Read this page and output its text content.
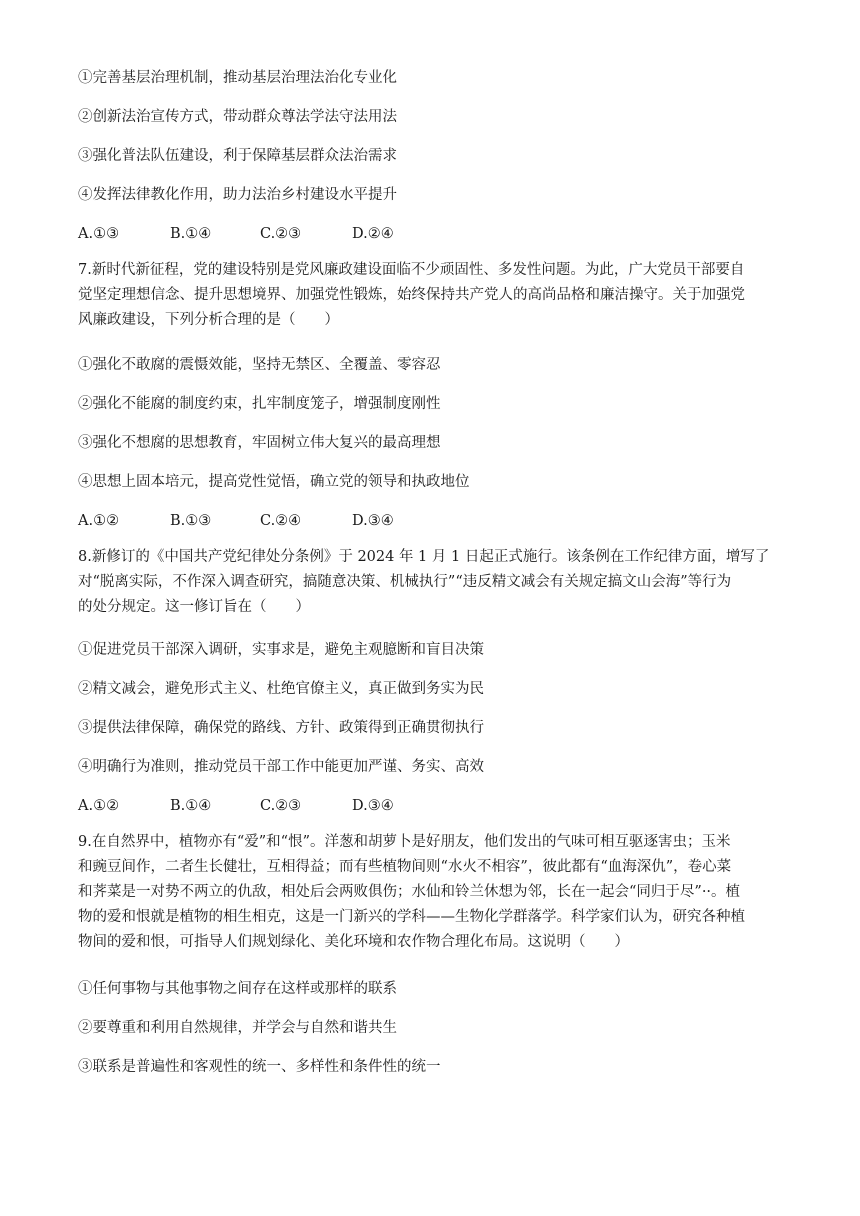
①完善基层治理机制，推动基层治理法治化专业化
②创新法治宣传方式，带动群众尊法学法守法用法
③强化普法队伍建设，利于保障基层群众法治需求
④发挥法律教化作用，助力法治乡村建设水平提升
A.①③	B.①④	C.②③	D.②④
7.新时代新征程，党的建设特别是党风廉政建设面临不少顽固性、多发性问题。为此，广大党员干部要自
觉坚定理想信念、提升思想境界、加强党性锻炼，始终保持共产党人的高尚品格和廉洁操守。关于加强党
风廉政建设，下列分析合理的是（　　）
①强化不敢腐的震慑效能，坚持无禁区、全覆盖、零容忍
②强化不能腐的制度约束，扎牢制度笼子，增强制度刚性
③强化不想腐的思想教育，牢固树立伟大复兴的最高理想
④思想上固本培元，提高党性觉悟，确立党的领导和执政地位
A.①②	B.①③	C.②④	D.③④
8.新修订的《中国共产党纪律处分条例》于 2024 年 1 月 1 日起正式施行。该条例在工作纪律方面，增写了
对“脱离实际，不作深入调查研究，搞随意决策、机械执行”“违反精文减会有关规定搞文山会海”等行为
的处分规定。这一修订旨在（　　）
①促进党员干部深入调研，实事求是，避免主观臆断和盲目决策
②精文减会，避免形式主义、杜绝官僚主义，真正做到务实为民
③提供法律保障，确保党的路线、方针、政策得到正确贯彻执行
④明确行为准则，推动党员干部工作中能更加严谨、务实、高效
A.①②	B.①④	C.②③	D.③④
9.在自然界中，植物亦有“爱”和“恨”。洋葱和胡萝卜是好朋友，他们发出的气味可相互驱逐害虫；玉米
和豌豆间作，二者生长健壮，互相得益；而有些植物间则“水火不相容”，彼此都有“血海深仇”，卷心菜
和荠菜是一对势不两立的仇敌，相处后会两败俱伤；水仙和铃兰休想为邻，长在一起会“同归于尽”··。植
物的爱和恨就是植物的相生相克，这是一门新兴的学科——生物化学群落学。科学家们认为，研究各种植
物间的爱和恨，可指导人们规划绿化、美化环境和农作物合理化布局。这说明（　　）
①任何事物与其他事物之间存在这样或那样的联系
②要尊重和利用自然规律，并学会与自然和谐共生
③联系是普遍性和客观性的统一、多样性和条件性的统一
